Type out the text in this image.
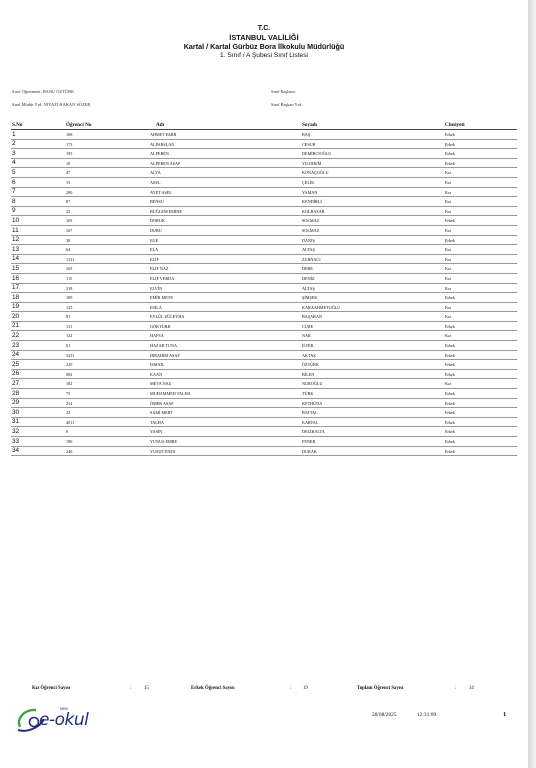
T.C.
İSTANBUL VALİLİĞİ
Kartal / Kartal Gürbüz Bora İlkokulu Müdürlüğü
1. Sınıf / A Şubesi Sınıf Listesi
Sınıf Öğretmeni: BANU ÖZTÜRK	Sınıf Başkanı:
Sınıf Müdür Yrd: NİYAZİ HAKAN SÖZER	Sınıf Başkan Yrd:
S.No	Öğrenci No	Adı	Soyadı	Cinsiyeti
1	108	AHMET EMİR	BAŞ	Erkek
2	173	ALPARSLAN	CESUR	Erkek
3	195	ALPEREN	DEMİRCİOĞLU	Erkek
4	10	ALPEREN ASAF	YILDIRIM	Erkek
5	47	ALYA	KONAÇOĞLU	Kız
6	15	ASEL	ÇELİK	Kız
7	200	AYET ASEL	YAMAN	Kız
8	87	BENSU	KENDİRLİ	Kız
9	25	BUĞLEM EMİNE	KOLBASAR	Kız
10	103	DORUK	SOLMAZ	Erkek
11	167	DURU	SOLMAZ	Kız
12	38	EGE	DANIŞ	Erkek
13	64	ELA	ALTAŞ	Kız
14	1131	ELİF	ZURNACI	Kız
15	163	ELİF NAZ	DERE	Kız
16	115	ELİF VERDA	DENİZ	Kız
17	218	ELVİN	ALTAŞ	Kız
18	189	EMİR METE	ŞİMŞEK	Erkek
19	125	ESİLA	KARAAHMETOĞLU	Kız
20	81	EYLÜL ZÜLEYHA	BAŞARAN	Kız
21	131	GÖKTÜRK	CÜRE	Erkek
22	122	HAFSA	NAR	Kız
23	61	HAZAR TUNA	İLTER	Erkek
24	3251	İBRAHİM ASAF	AKTAŞ	Erkek
25	220	İSMAİL	ÖZTÜRK	Erkek
26	884	KAAN	BİLEN	Erkek
27	182	MEVA NAZ	NUROĞLU	Kız
28	75	MUHAMMED TALHA	TÜRK	Erkek
29	234	ÖMER ASAF	KETHÜDA	Erkek
30	23	SAMİ MERT	BATTAL	Erkek
31	4011	TALHA	KARTAL	Erkek
32	6	YASİN	DELİBALTA	Erkek
33	190	YUNUS EMRE	FENER	Erkek
34	246	YUSUF ENES	DURAK	Erkek
Kız Öğrenci Sayısı	:	15	Erkek Öğrenci Sayısı	: 19	Toplam Öğrenci Sayısı	:	34
MEB
e-okul	28/08/2025	12:31:09	1
